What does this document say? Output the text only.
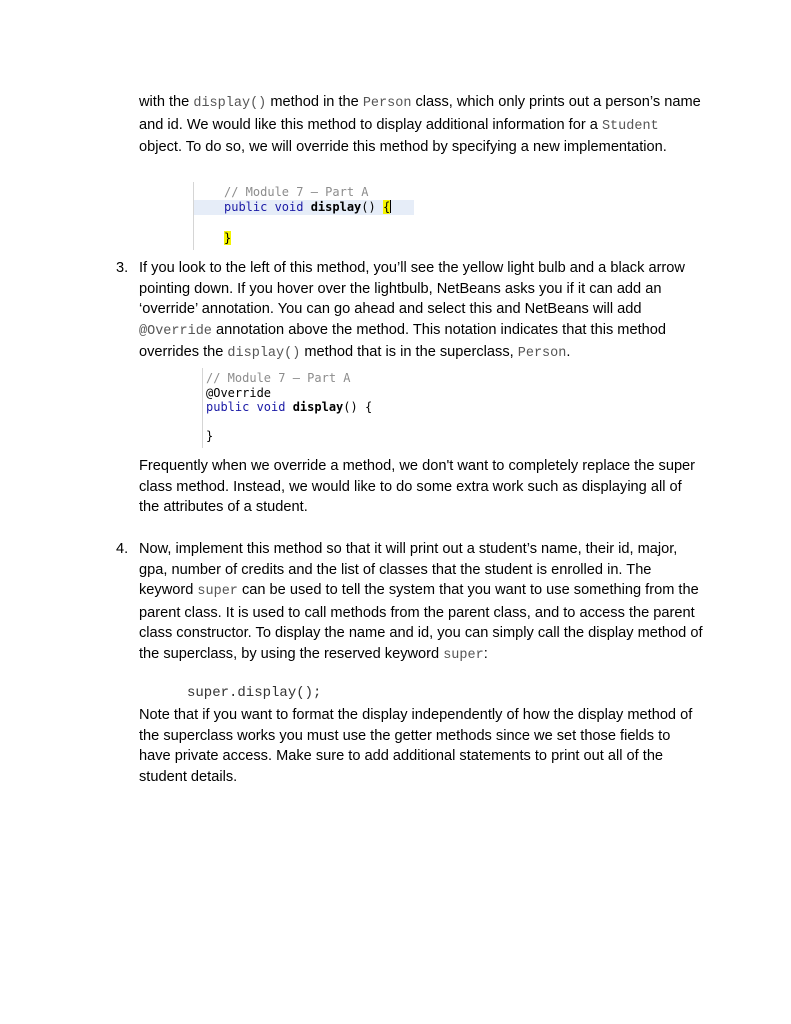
with the display() method in the Person class, which only prints out a person’s name and id. We would like this method to display additional information for a Student object. To do so, we will override this method by specifying a new implementation.

// Module 7 – Part A
public void display() {
}
3. If you look to the left of this method, you’ll see the yellow light bulb and a black arrow pointing down. If you hover over the lightbulb, NetBeans asks you if it can add an ‘override’ annotation. You can go ahead and select this and NetBeans will add @Override annotation above the method. This notation indicates that this method overrides the display() method that is in the superclass, Person.

// Module 7 – Part A
@Override
public void display() {
}

Frequently when we override a method, we don't want to completely replace the super class method. Instead, we would like to do some extra work such as displaying all of the attributes of a student.

4. Now, implement this method so that it will print out a student’s name, their id, major, gpa, number of credits and the list of classes that the student is enrolled in. The keyword super can be used to tell the system that you want to use something from the parent class. It is used to call methods from the parent class, and to access the parent class constructor. To display the name and id, you can simply call the display method of the superclass, by using the reserved keyword super:

super.display();

Note that if you want to format the display independently of how the display method of the superclass works you must use the getter methods since we set those fields to have private access. Make sure to add additional statements to print out all of the student details.
